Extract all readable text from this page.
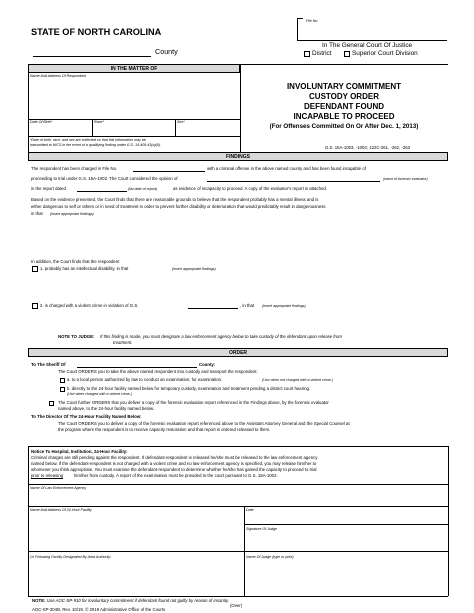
File No.
STATE OF NORTH CAROLINA
County
In The General Court Of Justice
District	Superior Court Division
IN THE MATTER OF
Name And Address Of Respondent
Date Of Birth*	Race*	Sex*
*Date of birth, race, and sex are collected so that this information may be
transmitted to NICS in the event of a qualifying finding under G.S. 14-409.43(a)(5).
INVOLUNTARY COMMITMENT
CUSTODY ORDER
DEFENDANT FOUND
INCAPABLE TO PROCEED
(For Offenses Committed On Or After Dec. 1, 2013)
G.S. 15A-1003, -1004; 122C-261, -262, -263
FINDINGS
The respondent has been charged in File No.	with a criminal offense in the above named county and has been found incapable of
proceeding to trial under G.S. 15A-1002. The Court considered the opinion of	(name of forensic evaluator)
in the report dated	(list date of report)	as evidence of incapacity to proceed. A copy of the evaluator's report is attached.
Based on the evidence presented, the Court finds that there are reasonable grounds to believe that the respondent probably has a mental illness and is
either dangerous to self or others or in need of treatment in order to prevent further disability or deterioration that would predictably result in dangerousness
in that (insert appropriate findings)
In addition, the Court finds that the respondent
1. probably has an intellectual disability, in that	(insert appropriate findings)
2. is charged with a violent crime in violation of G.S.	, in that (insert appropriate findings)
NOTE TO JUDGE: If this finding is made, you must designate a law enforcement agency below to take custody of the defendant upon release from
treatment.
ORDER
To The Sheriff Of	County:
The Court ORDERS you to take the above named respondent into custody and transport the respondent:
a. to a local person authorized by law to conduct an examination, for examination.	(Use when not charged with a violent crime.)
b. directly to the 24-hour facility named below for temporary custody, examination and treatment pending a district court hearing.
(Use when charged with a violent crime.)
The Court further ORDERS that you deliver a copy of the forensic evaluation report referenced in the Findings above, by the forensic evaluator
named above, to the 24-hour facility named below.
To The Director Of The 24-Hour Facility Named Below:
The Court ORDERS you to deliver a copy of the forensic evaluation report referenced above to the Assistant Attorney General and the Special Counsel at
the program where the respondent is to receive capacity restoration and that report is ordered released to them.
Notice To Hospital, Institution, 24-Hour Facility:
Criminal charges are still pending against the respondent. If defendant-respondent is released he/she must be released to the law enforcement agency
named below. If the defendant-respondent is not charged with a violent crime and no law enforcement agency is specified, you may release him/her to
whomever you think appropriate. You must examine the defendant-respondent to determine whether he/she has gained the capacity to proceed to trial
prior to releasing	him/her from custody. A report of the examination must be provided to the court pursuant to G.S. 15A-1002.
Name Of Law Enforcement Agency
Name And Address Of 24-Hour Facility	Date
Signature Of Judge
Or Following Facility Designated By Area Authority:	Name Of Judge (type or print)
NOTE: Use AOC-SP-910 for involuntary commitment if defendant found not guilty by reason of insanity.
(Over)
AOC-SP-304B, Rev. 10/19, © 2019 Administrative Office of the Courts
